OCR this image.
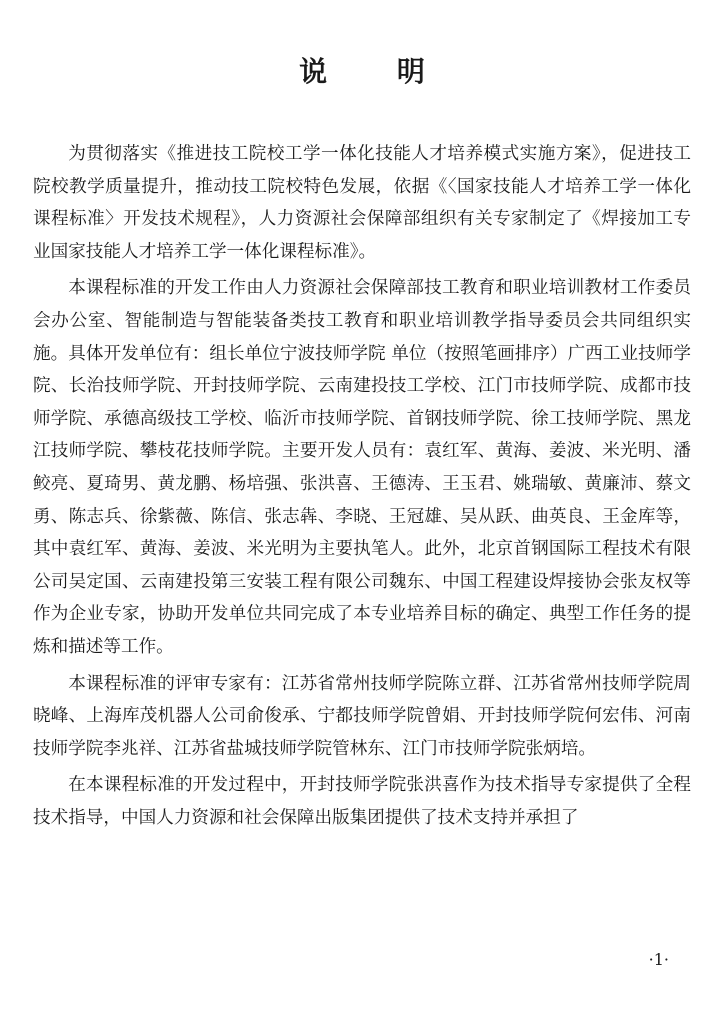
说 明

为贯彻落实《推进技工院校工学一体化技能人才培养模式实施方案》，促进技工院校教学质量提升，推动技工院校特色发展，依据《〈国家技能人才培养工学一体化课程标准〉开发技术规程》，人力资源社会保障部组织有关专家制定了《焊接加工专业国家技能人才培养工学一体化课程标准》。

本课程标准的开发工作由人力资源社会保障部技工教育和职业培训教材工作委员会办公室、智能制造与智能装备类技工教育和职业培训教学指导委员会共同组织实施。具体开发单位有：组长单位宁波技师学院 单位（按照笔画排序）广西工业技师学院、长治技师学院、开封技师学院、云南建投技工学校、江门市技师学院、成都市技师学院、承德高级技工学校、临沂市技师学院、首钢技师学院、徐工技师学院、黑龙江技师学院、攀枝花技师学院。主要开发人员有：袁红军、黄海、姜波、米光明、潘鲛亮、夏琦男、黄龙鹏、杨培强、张洪喜、王德涛、王玉君、姚瑞敏、黄廉沛、蔡文勇、陈志兵、徐紫薇、陈信、张志犇、李晓、王冠雄、吴从跃、曲英良、王金库等，其中袁红军、黄海、姜波、米光明为主要执笔人。此外，北京首钢国际工程技术有限公司吴定国、云南建投第三安装工程有限公司魏东、中国工程建设焊接协会张友权等作为企业专家，协助开发单位共同完成了本专业培养目标的确定、典型工作任务的提炼和描述等工作。

本课程标准的评审专家有：江苏省常州技师学院陈立群、江苏省常州技师学院周晓峰、上海库茂机器人公司俞俊承、宁都技师学院曾娟、开封技师学院何宏伟、河南技师学院李兆祥、江苏省盐城技师学院管林东、江门市技师学院张炳培。

在本课程标准的开发过程中，开封技师学院张洪喜作为技术指导专家提供了全程技术指导，中国人力资源和社会保障出版集团提供了技术支持并承担了

·1·
